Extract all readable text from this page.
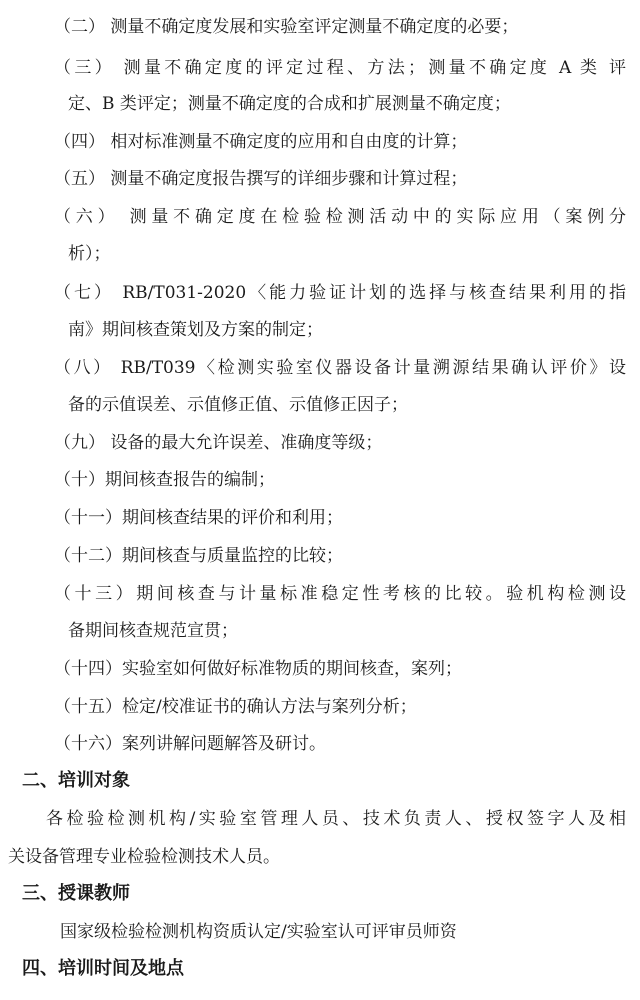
（二） 测量不确定度发展和实验室评定测量不确定度的必要；
（三） 测量不确定度的评定过程、方法；测量不确定度 A 类 评
定、B 类评定；测量不确定度的合成和扩展测量不确定度；
（四） 相对标准测量不确定度的应用和自由度的计算；
（五） 测量不确定度报告撰写的详细步骤和计算过程；
（六） 测量不确定度在检验检测活动中的实际应用（案例分
析）；
（七） RB/T031-2020〈能力验证计划的选择与核查结果利用的指
南》期间核查策划及方案的制定；
（八） RB/T039〈检测实验室仪器设备计量溯源结果确认评价》设
备的示值误差、示值修正值、示值修正因子；
（九） 设备的最大允许误差、准确度等级；
（十）期间核查报告的编制；
（十一）期间核查结果的评价和利用；
（十二）期间核查与质量监控的比较；
（十三）期间核查与计量标准稳定性考核的比较。验机构检测设
备期间核查规范宣贯；
（十四）实验室如何做好标准物质的期间核查，案列；
（十五）检定/校准证书的确认方法与案列分析；
（十六）案列讲解问题解答及研讨。
二、培训对象
各检验检测机构/实验室管理人员、技术负责人、授权签字人及相
关设备管理专业检验检测技术人员。
三、授课教师
国家级检验检测机构资质认定/实验室认可评审员师资
四、培训时间及地点
